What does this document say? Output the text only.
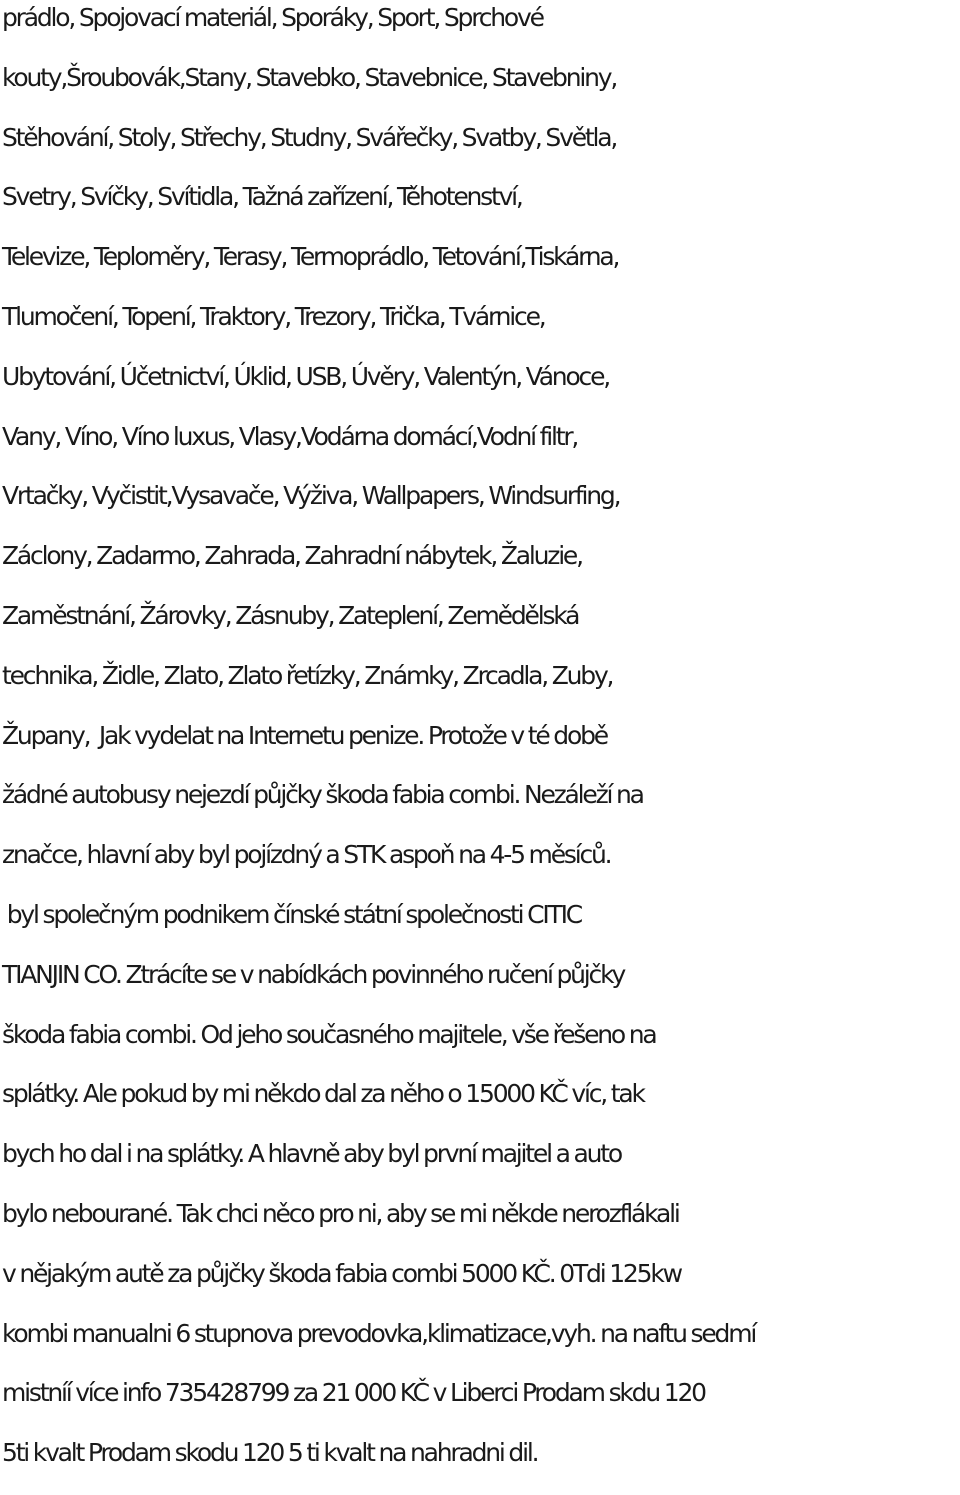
prádlo, Spojovací materiál, Sporáky, Sport, Sprchové
kouty,Šroubovák,Stany, Stavebko, Stavebnice, Stavebniny,
Stěhování, Stoly, Střechy, Studny, Svářečky, Svatby, Světla,
Svetry, Svíčky, Svítidla, Tažná zařízení, Těhotenství,
Televize, Teploměry, Terasy, Termoprádlo, Tetování,Tiskárna,
Tlumočení, Topení, Traktory, Trezory, Trička, Tvárnice,
Ubytování, Účetnictví, Úklid, USB, Úvěry, Valentýn, Vánoce,
Vany, Víno, Víno luxus, Vlasy,Vodárna domácí,Vodní filtr,
Vrtačky, Vyčistit,Vysavače, Výživa, Wallpapers, Windsurfing,
Záclony, Zadarmo, Zahrada, Zahradní nábytek, Žaluzie,
Zaměstnání, Žárovky, Zásnuby, Zateplení, Zemědělská
technika, Židle, Zlato, Zlato řetízky, Známky, Zrcadla, Zuby,
Župany,  Jak vydelat na Internetu penize. Protože v té době
žádné autobusy nejezdí půjčky škoda fabia combi. Nezáleží na
značce, hlavní aby byl pojízdný a STK aspoň na 4-5 měsíců.
byl společným podnikem čínské státní společnosti CITIC
TIANJIN CO. Ztrácíte se v nabídkách povinného ručení půjčky
škoda fabia combi. Od jeho současného majitele, vše řešeno na
splátky. Ale pokud by mi někdo dal za něho o 15000 KČ víc, tak
bych ho dal i na splátky. A hlavně aby byl první majitel a auto
bylo nebourané. Tak chci něco pro ni, aby se mi někde nerozflákali
v nějakým autě za půjčky škoda fabia combi 5000 KČ. 0Tdi 125kw
kombi manualni 6 stupnova prevodovka,klimatizace,vyh. na naftu sedmí
mistníí více info 735428799 za 21 000 KČ v Liberci Prodam skdu 120
5ti kvalt Prodam skodu 120 5 ti kvalt na nahradni dil.
